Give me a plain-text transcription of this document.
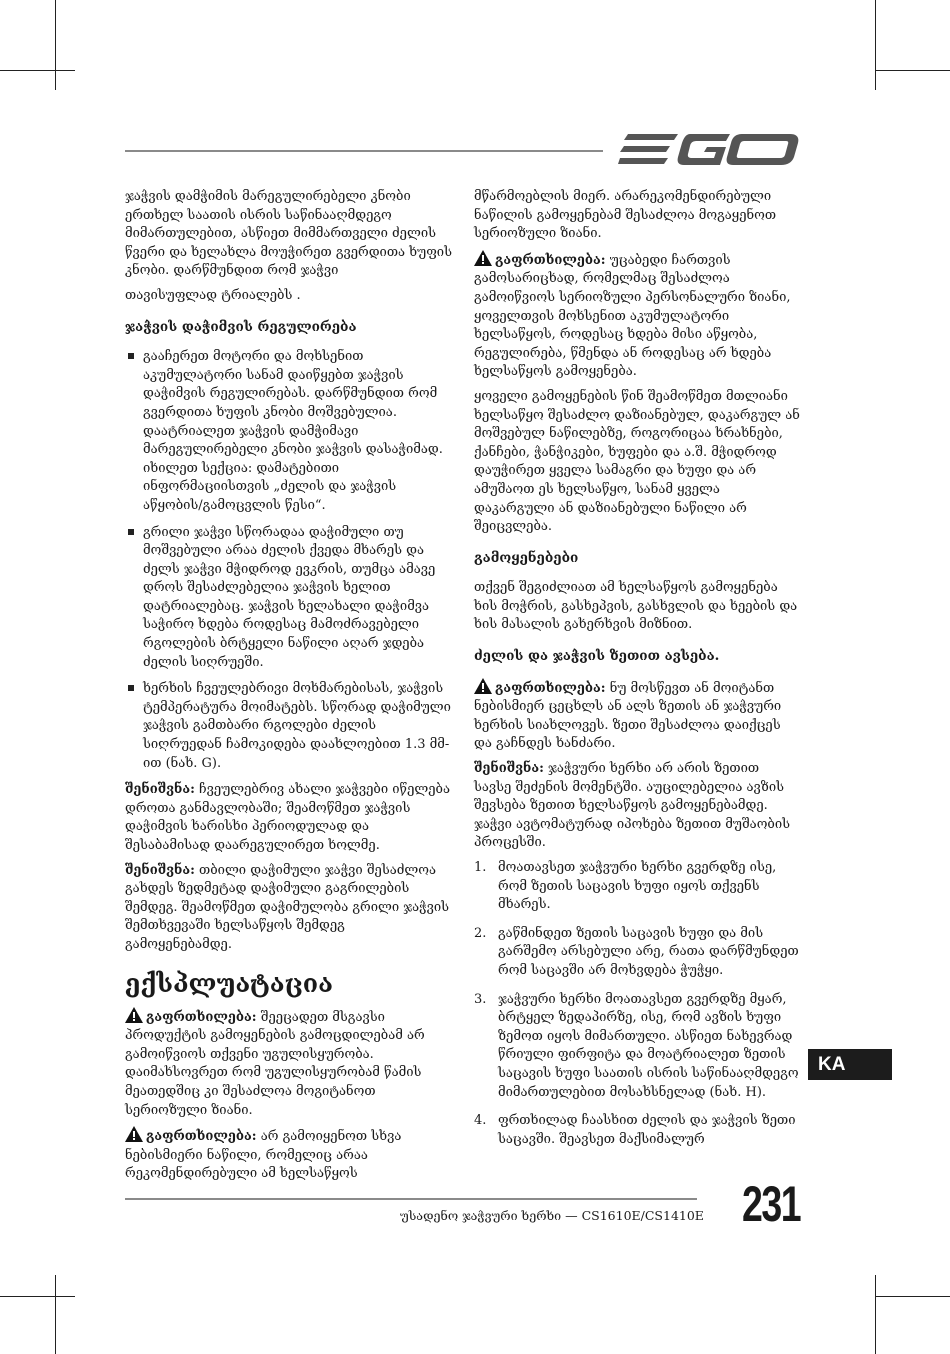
ჯაჭვის დამჭიმის მარეგულირებელი კნობი ერთხელ საათის ისრის საწინააღმდეგო მიმართულებით, ასწიეთ მიმმართველი ძელის წვერი და ხელახლა მოუჭირეთ გვერდითა ხუფის კნობი. დარწმუნდით რომ ჯაჭვი

თავისუფლად ტრიალებს .

ჯაჭვის დაჭიმვის რეგულირება
გააჩერეთ მოტორი და მოხსენით აკუმულატორი სანამ დაიწყებთ ჯაჭვის დაჭიმვის რეგულირებას. დარწმუნდით რომ გვერდითა ხუფის კნობი მოშვებულია. დაატრიალეთ ჯაჭვის დამჭიმავი მარეგულირებელი კნობი ჯაჭვის დასაჭიმად. იხილეთ სექცია: დამატებითი ინფორმაციისთვის „ძელის და ჯაჭვის აწყობის/გამოცვლის წესი“.
გრილი ჯაჭვი სწორადაა დაჭიმული თუ მოშვებული არაა ძელის ქვედა მხარეს და ძელს ჯაჭვი მჭიდროდ ევკრის, თუმცა ამავე დროს შესაძლებელია ჯაჭვის ხელით დატრიალებაც. ჯაჭვის ხელახალი დაჭიმვა საჭირო ხდება როდესაც მამოძრავებელი რგოლების ბრტყელი ნაწილი აღარ ჯდება ძელის სიღრუეში.
ხერხის ჩვეულებრივი მოხმარებისას, ჯაჭვის ტემპერატურა მოიმატებს. სწორად დაჭიმული ჯაჭვის გამთბარი რგოლები ძელის სიღრუედან ჩამოკიდება დაახლოებით 1.3 მმ-ით (ნახ. G).

შენიშვნა: ჩვეულებრივ ახალი ჯაჭვები იწელება დროთა განმავლობაში; შეამოწმეთ ჯაჭვის დაჭიმვის ხარისხი პერიოდულად და შესაბამისად დაარეგულირეთ ხოლმე.

შენიშვნა: თბილი დაჭიმული ჯაჭვი შესაძლოა გახდეს ზედმეტად დაჭიმული გაგრილების შემდეგ. შეამოწმეთ დაჭიმულობა გრილი ჯაჭვის შემთხვევაში ხელსაწყოს შემდეგ გამოყენებამდე.

ექსპლუატაცია

გაფრთხილება: შეეცადეთ მსგავსი პროდუქტის გამოყენების გამოცდილებამ არ გამოიწვიოს თქვენი უგულისყურობა. დაიმახსოვრეთ რომ უგულისყურობამ წამის მეათედშიც კი შესაძლოა მოგიტანოთ სერიოზული ზიანი.

გაფრთხილება: არ გამოიყენოთ სხვა ნებისმიერი ნაწილი, რომელიც არაა რეკომენდირებული ამ ხელსაწყოს

მწარმოებლის მიერ. არარეკომენდირებული ნაწილის გამოყენებამ შესაძლოა მოგაყენოთ სერიოზული ზიანი.

გაფრთხილება: უცაბედი ჩართვის გამოსარიცხად, რომელმაც შესაძლოა გამოიწვიოს სერიოზული პერსონალური ზიანი, ყოველთვის მოხსენით აკუმულატორი ხელსაწყოს, როდესაც ხდება მისი აწყობა, რეგულირება, წმენდა ან როდესაც არ ხდება ხელსაწყოს გამოყენება.

ყოველი გამოყენების წინ შეამოწმეთ მთლიანი ხელსაწყო შესაძლო დაზიანებულ, დაკარგულ ან მოშვებულ ნაწილებზე, როგორიცაა ხრახნები, ქანჩები, ჭანჭიკები, ხუფები და ა.შ. მჭიდროდ დაუჭირეთ ყველა სამაგრი და ხუფი და არ ამუშაოთ ეს ხელსაწყო, სანამ ყველა დაკარგული ან დაზიანებული ნაწილი არ შეიცვლება.

გამოყენებები

თქვენ შეგიძლიათ ამ ხელსაწყოს გამოყენება ხის მოჭრის, გასხეპვის, გასხვლის და ხეების და ხის მასალის გახერხვის მიზნით.

ძელის და ჯაჭვის ზეთით ავსება.

გაფრთხილება: ნუ მოსწევთ ან მოიტანთ ნებისმიერ ცეცხლს ან ალს ზეთის ან ჯაჭვური ხერხის სიახლოვეს. ზეთი შესაძლოა დაიქცეს და გაჩნდეს ხანძარი.

შენიშვნა: ჯაჭვური ხერხი არ არის ზეთით სავსე შეძენის მომენტში. აუცილებელია ავზის შევსება ზეთით ხელსაწყოს გამოყენებამდე. ჯაჭვი ავტომატურად იპოხება ზეთით მუშაობის პროცესში.

1. მოათავსეთ ჯაჭვური ხერხი გვერდზე ისე, რომ ზეთის საცავის ხუფი იყოს თქვენს მხარეს.
2. გაწმინდეთ ზეთის საცავის ხუფი და მის გარშემო არსებული არე, რათა დარწმუნდეთ რომ საცავში არ მოხვდება ჭუჭყი.
3. ჯაჭვური ხერხი მოათავსეთ გვერდზე მყარ, ბრტყელ ზედაპირზე, ისე, რომ ავზის ხუფი ზემოთ იყოს მიმართული. ასწიეთ ნახევრად წრიული ფირფიტა და მოატრიალეთ ზეთის საცავის ხუფი საათის ისრის საწინააღმდეგო მიმართულებით მოსახსნელად (ნახ. H).
4. ფრთხილად ჩაასხით ძელის და ჯაჭვის ზეთი საცავში. შეავსეთ მაქსიმალურ
KA
უსადენო ჯაჭვური ხერხი — CS1610E/CS1410E 231
